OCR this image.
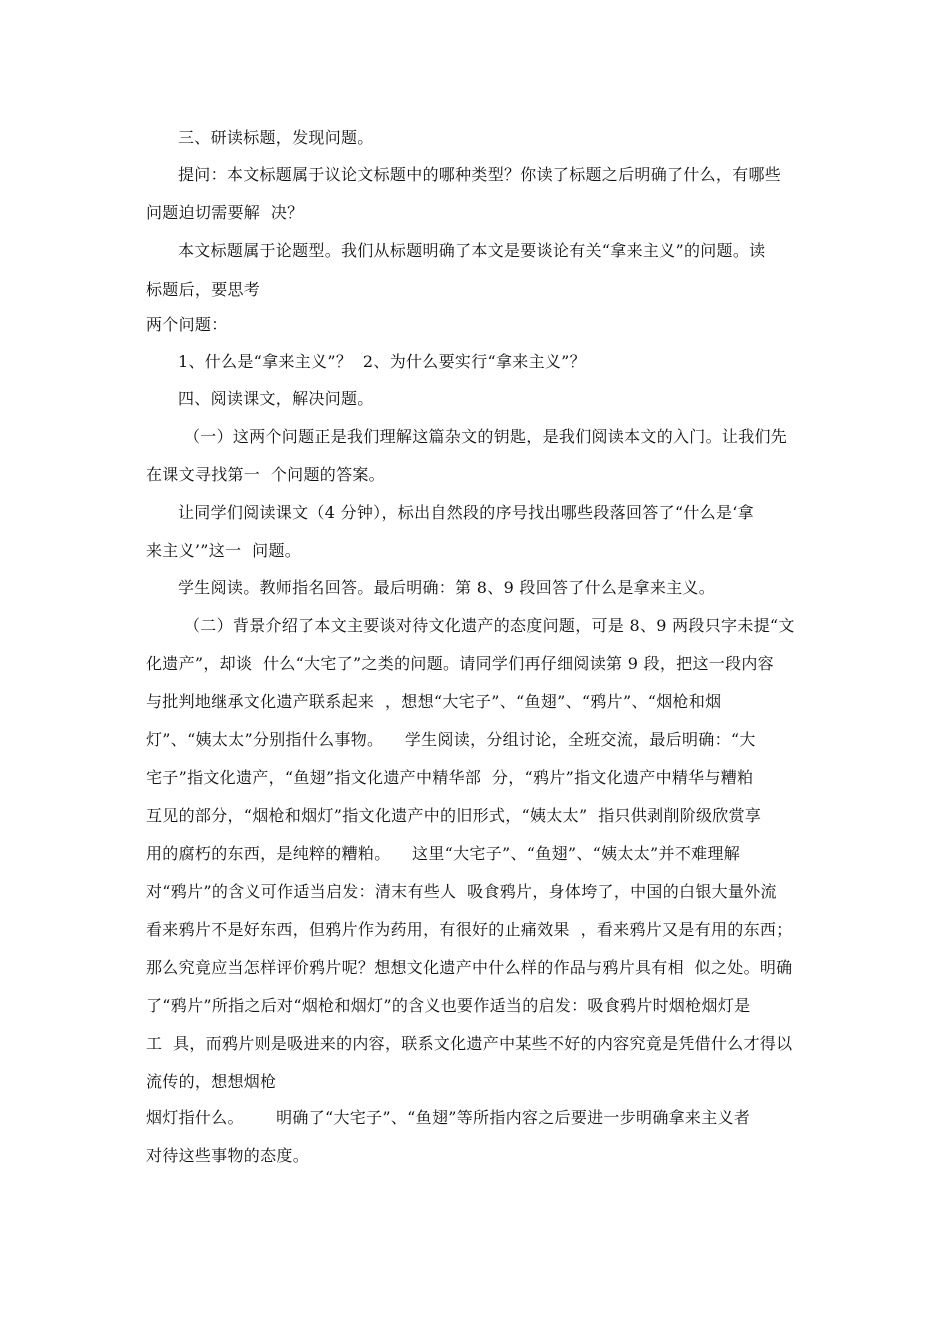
三、研读标题，发现问题。
提问：本文标题属于议论文标题中的哪种类型？你读了标题之后明确了什么，有哪些
问题迫切需要解  决？
本文标题属于论题型。我们从标题明确了本文是要谈论有关“拿来主义”的问题。读
标题后，要思考
两个问题：
1、什么是“拿来主义”？  2、为什么要实行“拿来主义”？
四、阅读课文，解决问题。
（一）这两个问题正是我们理解这篇杂文的钥匙，是我们阅读本文的入门。让我们先
在课文寻找第一  个问题的答案。
让同学们阅读课文（4 分钟），标出自然段的序号找出哪些段落回答了“什么是‘拿
来主义’”这一  问题。
学生阅读。教师指名回答。最后明确：第 8、9 段回答了什么是拿来主义。
（二）背景介绍了本文主要谈对待文化遗产的态度问题，可是 8、9 两段只字未提“文
化遗产”，却谈  什么“大宅了”之类的问题。请同学们再仔细阅读第 9 段，把这一段内容
与批判地继承文化遗产联系起来  ，想想“大宅子”、“鱼翅”、“鸦片”、“烟枪和烟
灯”、“姨太太”分别指什么事物。    学生阅读，分组讨论，全班交流，最后明确：“大
宅子”指文化遗产，“鱼翅”指文化遗产中精华部  分，“鸦片”指文化遗产中精华与糟粕
互见的部分，“烟枪和烟灯”指文化遗产中的旧形式，“姨太太”  指只供剥削阶级欣赏享
用的腐朽的东西，是纯粹的糟粕。    这里“大宅子”、“鱼翅”、“姨太太”并不难理解
对“鸦片”的含义可作适当启发：清末有些人  吸食鸦片，身体垮了，中国的白银大量外流
看来鸦片不是好东西，但鸦片作为药用，有很好的止痛效果  ，看来鸦片又是有用的东西；
那么究竟应当怎样评价鸦片呢？想想文化遗产中什么样的作品与鸦片具有相  似之处。明确
了“鸦片”所指之后对“烟枪和烟灯”的含义也要作适当的启发：吸食鸦片时烟枪烟灯是
工  具，而鸦片则是吸进来的内容，联系文化遗产中某些不好的内容究竟是凭借什么才得以
流传的，想想烟枪
烟灯指什么。      明确了“大宅子”、“鱼翅”等所指内容之后要进一步明确拿来主义者
对待这些事物的态度。
